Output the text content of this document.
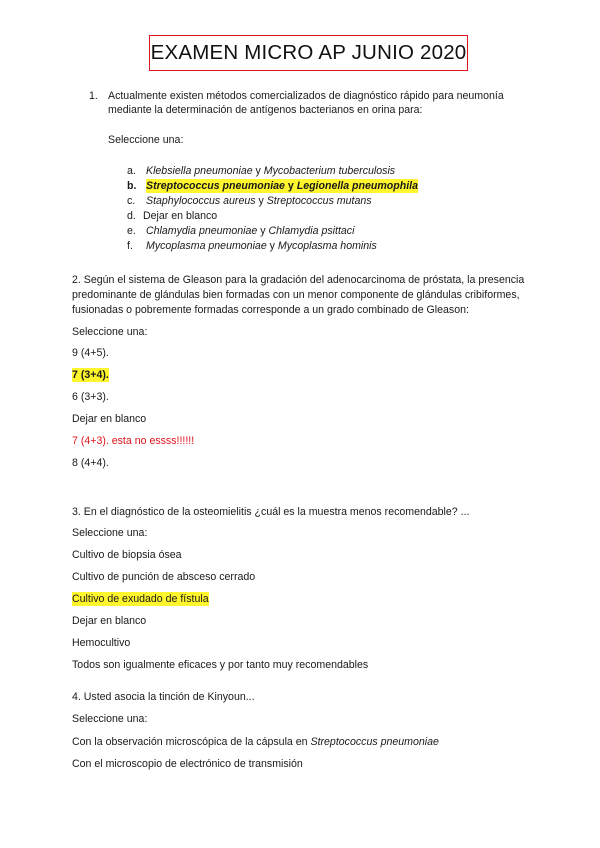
EXAMEN MICRO AP JUNIO 2020
1. Actualmente existen métodos comercializados de diagnóstico rápido para neumonía
mediante la determinación de antígenos bacterianos en orina para:
Seleccione una:
a. Klebsiella pneumoniae y Mycobacterium tuberculosis
b. Streptococcus pneumoniae y Legionella pneumophila
c. Staphylococcus aureus y Streptococcus mutans
d. Dejar en blanco
e. Chlamydia pneumoniae y Chlamydia psittaci
f. Mycoplasma pneumoniae y Mycoplasma hominis
2. Según el sistema de Gleason para la gradación del adenocarcinoma de próstata, la presencia
predominante de glándulas bien formadas con un menor componente de glándulas cribiformes,
fusionadas o pobremente formadas corresponde a un grado combinado de Gleason:
Seleccione una:
9 (4+5).
7 (3+4).
6 (3+3).
Dejar en blanco
7 (4+3). esta no essss!!!!!!
8 (4+4).
3. En el diagnóstico de la osteomielitis ¿cuál es la muestra menos recomendable? ...
Seleccione una:
Cultivo de biopsia ósea
Cultivo de punción de absceso cerrado
Cultivo de exudado de fístula
Dejar en blanco
Hemocultivo
Todos son igualmente eficaces y por tanto muy recomendables
4. Usted asocia la tinción de Kinyoun...
Seleccione una:
Con la observación microscópica de la cápsula en Streptococcus pneumoniae
Con el microscopio de electrónico de transmisión
